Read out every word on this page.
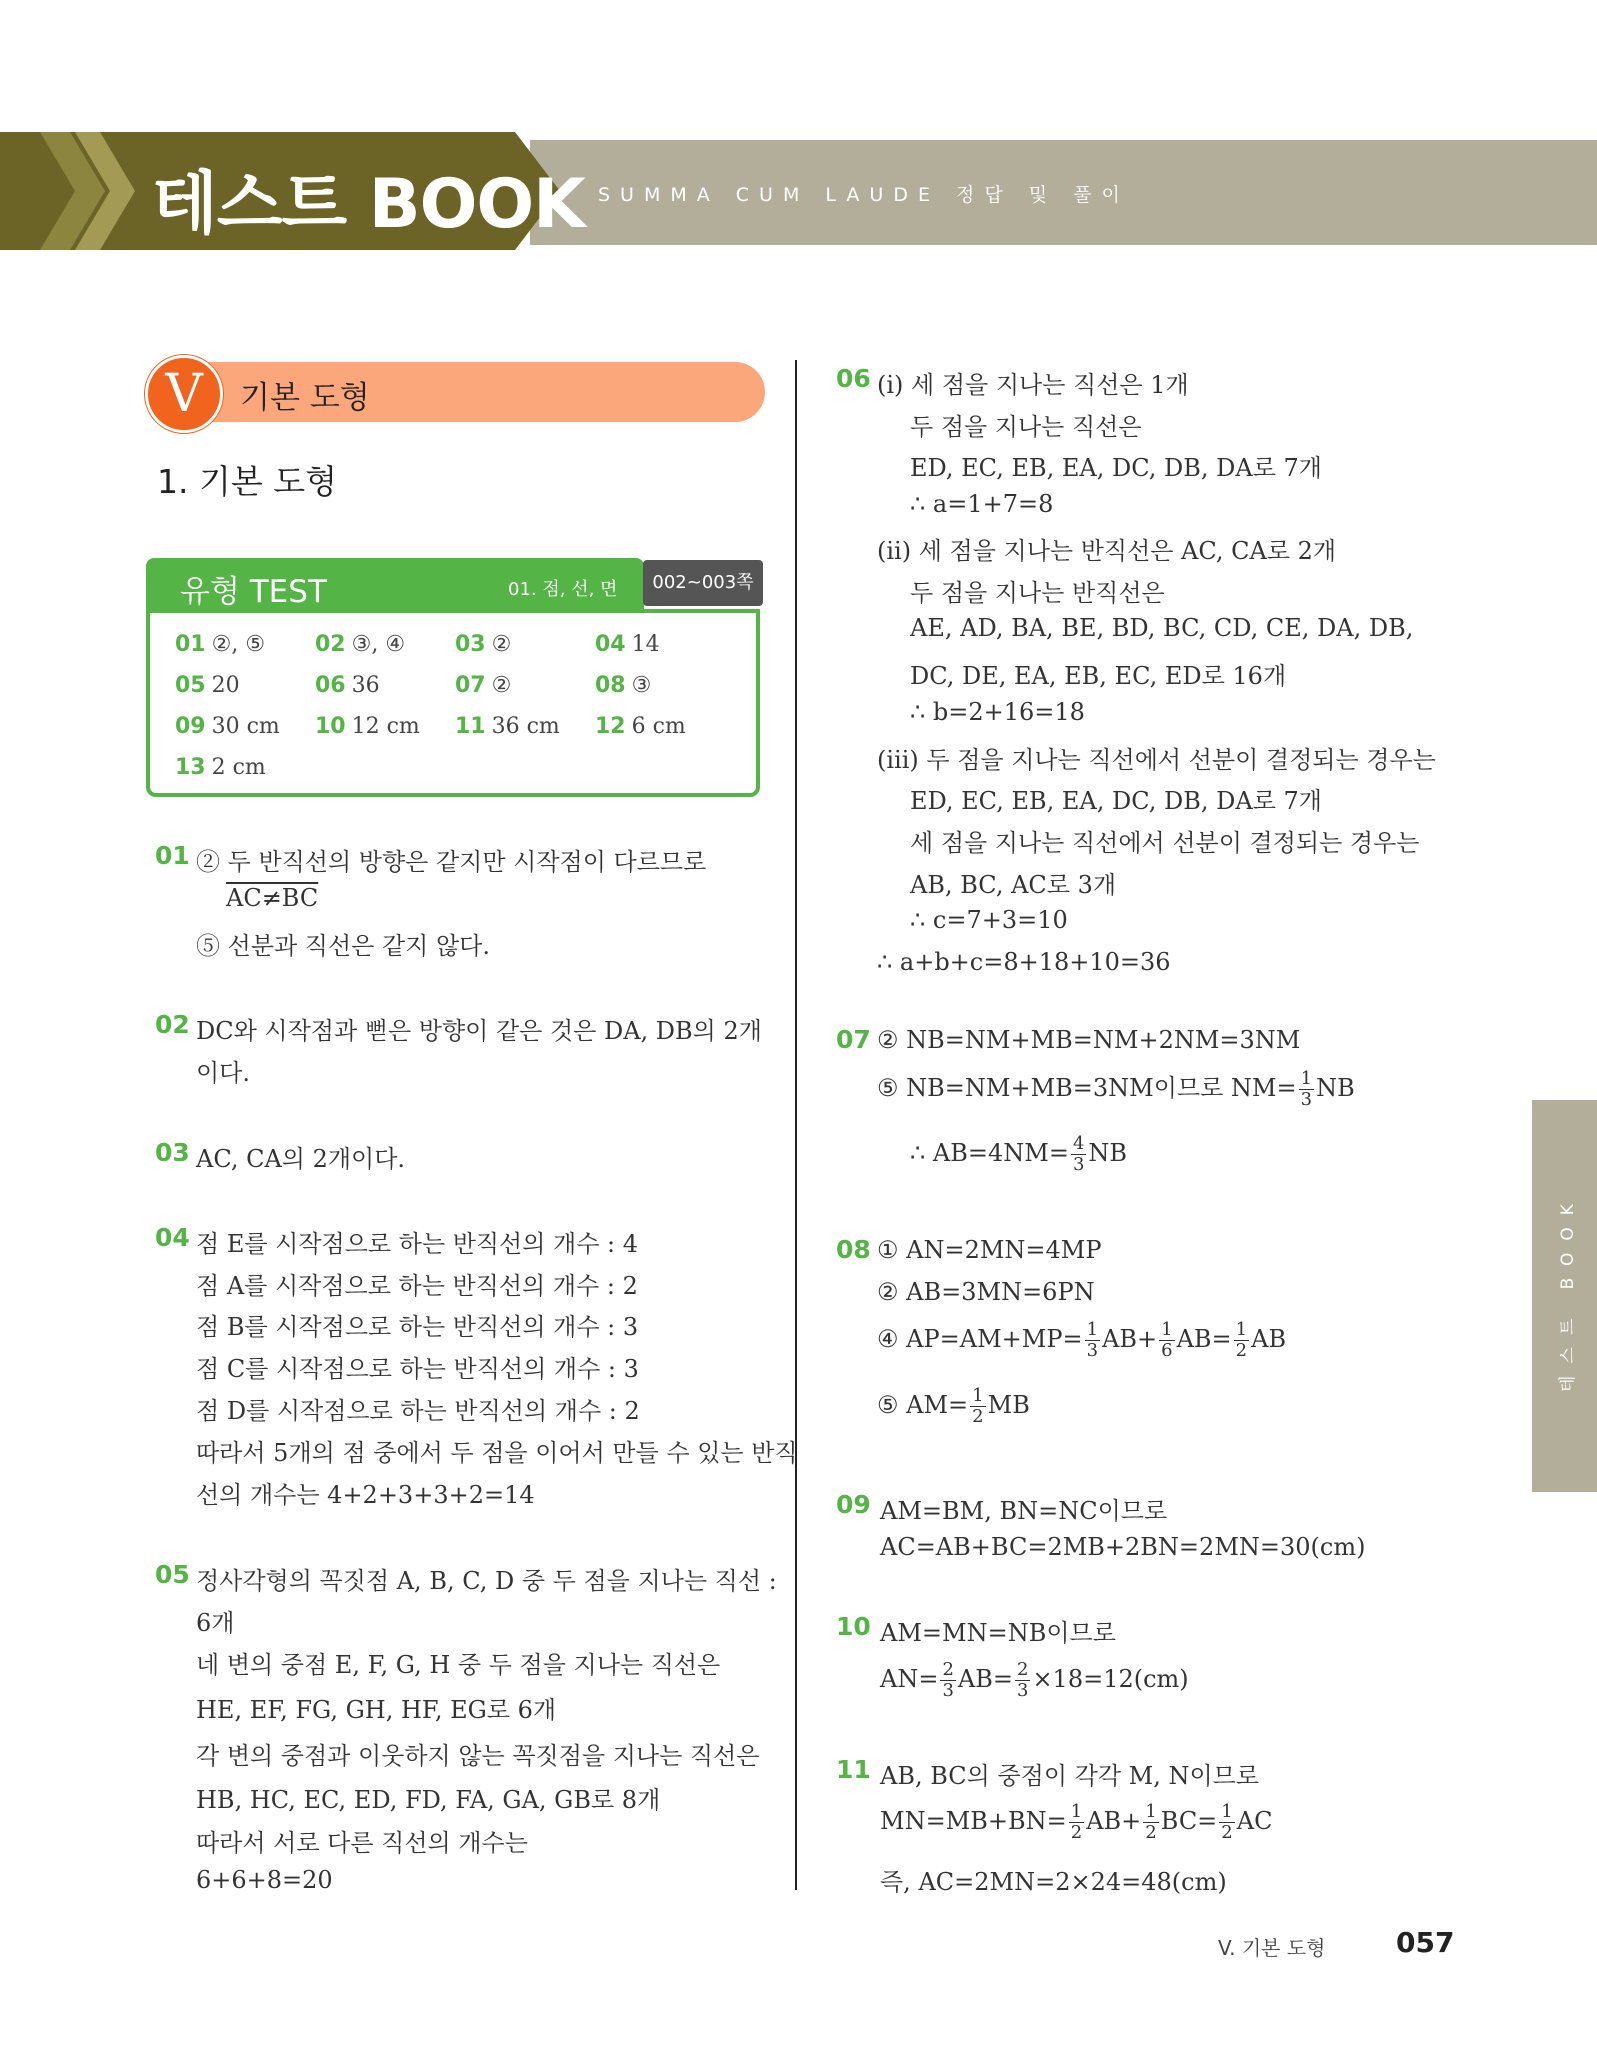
테스트 BOOK SUMMA CUM LAUDE 정답 및 풀이
테스트 BOOK
V	기본 도형
1. 기본 도형
유형 TEST	01. 점, 선, 면	002~003쪽
01 ②, ⑤ 02 ③, ④ 03 ②	04 14
05 20	06 36	07 ②	08 ③
09 30 cm 10 12 cm 11 36 cm 12 6 cm
13 2 cm
01 ② 두 반직선의 방향은 같지만 시작점이 다르므로
AC≠BC
⑤ 선분과 직선은 같지 않다.
02 DC와 시작점과 뻗은 방향이 같은 것은 DA, DB의 2개
이다.
03 AC, CA의 2개이다.
04 점 E를 시작점으로 하는 반직선의 개수 : 4
점 A를 시작점으로 하는 반직선의 개수 : 2
점 B를 시작점으로 하는 반직선의 개수 : 3
점 C를 시작점으로 하는 반직선의 개수 : 3
점 D를 시작점으로 하는 반직선의 개수 : 2
따라서 5개의 점 중에서 두 점을 이어서 만들 수 있는 반직
선의 개수는 4+2+3+3+2=14
05 정사각형의 꼭짓점 A, B, C, D 중 두 점을 지나는 직선 :
6개
네 변의 중점 E, F, G, H 중 두 점을 지나는 직선은
HE, EF, FG, GH, HF, EG로 6개
각 변의 중점과 이웃하지 않는 꼭짓점을 지나는 직선은
HB, HC, EC, ED, FD, FA, GA, GB로 8개
따라서 서로 다른 직선의 개수는
6+6+8=20
06 (ⅰ) 세 점을 지나는 직선은 1개
두 점을 지나는 직선은
ED, EC, EB, EA, DC, DB, DA로 7개
∴ a=1+7=8
(ⅱ) 세 점을 지나는 반직선은 AC, CA로 2개
두 점을 지나는 반직선은
AE, AD, BA, BE, BD, BC, CD, CE, DA, DB,
DC, DE, EA, EB, EC, ED로 16개
∴ b=2+16=18
(ⅲ) 두 점을 지나는 직선에서 선분이 결정되는 경우는
ED, EC, EB, EA, DC, DB, DA로 7개
세 점을 지나는 직선에서 선분이 결정되는 경우는
AB, BC, AC로 3개
∴ c=7+3=10
∴ a+b+c=8+18+10=36
07 ② NB=NM+MB=NM+2NM=3NM
⑤ NB=NM+MB=3NM이므로 $NM= \frac{1}{3}$ NB
∴ $AB=4NM= \frac{4}{3}$ NB
08 ① AN=2MN=4MP
② AB=3MN=6PN
④ $AP=AM+MP= \frac{1}{3} AB+ \frac{1}{6} AB= \frac{1}{2}$ AB
⑤ $AM= \frac{1}{2}$ MB
09 AM=BM, BN=NC이므로
AC=AB+BC=2MB+2BN=2MN=30(cm)
10 AM=MN=NB이므로
$AN= \frac{2}{3} AB= \frac{2}{3} \times 18=12(cm)$
11 AB, BC의 중점이 각각 M, N이므로
$MN=MB+BN= \frac{1}{2} AB+ \frac{1}{2} BC= \frac{1}{2}$ AC
즉, AC=2MN=2×24=48(cm)
V. 기본 도형	057
